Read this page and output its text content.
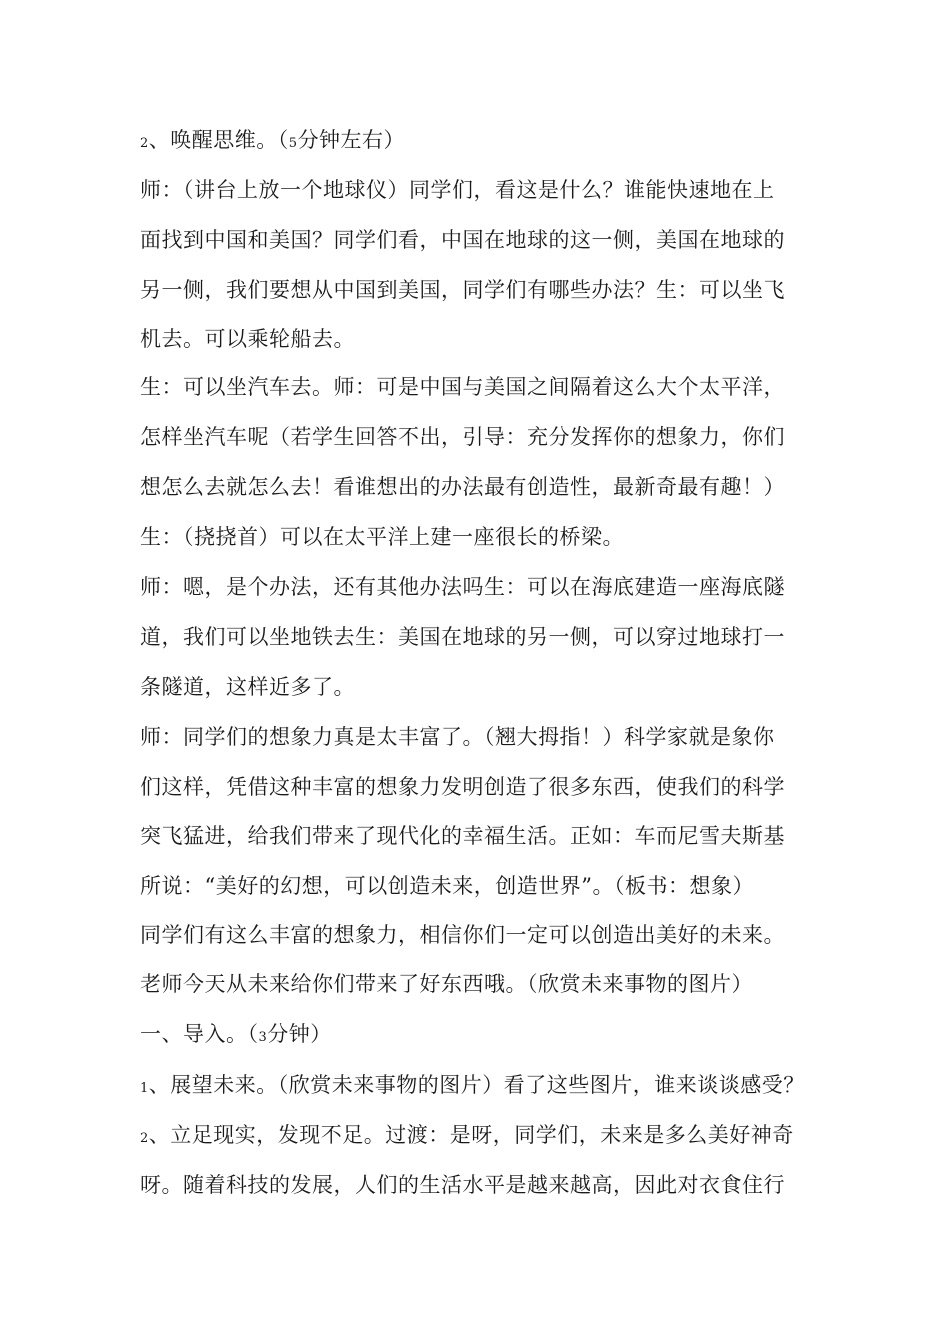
2、唤醒思维。（5分钟左右）
师：（讲台上放一个地球仪）同学们，看这是什么？谁能快速地在上
面找到中国和美国？同学们看，中国在地球的这一侧，美国在地球的
另一侧，我们要想从中国到美国，同学们有哪些办法？生：可以坐飞
机去。可以乘轮船去。
生：可以坐汽车去。师：可是中国与美国之间隔着这么大个太平洋，
怎样坐汽车呢（若学生回答不出，引导：充分发挥你的想象力，你们
想怎么去就怎么去！看谁想出的办法最有创造性，最新奇最有趣！）
生：（挠挠首）可以在太平洋上建一座很长的桥梁。
师：嗯，是个办法，还有其他办法吗生：可以在海底建造一座海底隧
道，我们可以坐地铁去生：美国在地球的另一侧，可以穿过地球打一
条隧道，这样近多了。
师：同学们的想象力真是太丰富了。（翘大拇指！）科学家就是象你
们这样，凭借这种丰富的想象力发明创造了很多东西，使我们的科学
突飞猛进，给我们带来了现代化的幸福生活。正如：车而尼雪夫斯基
所说：“美好的幻想，可以创造未来，创造世界”。（板书：想象）
同学们有这么丰富的想象力，相信你们一定可以创造出美好的未来。
老师今天从未来给你们带来了好东西哦。（欣赏未来事物的图片）
一、导入。（3分钟）
1、展望未来。（欣赏未来事物的图片）看了这些图片，谁来谈谈感受？
2、立足现实，发现不足。过渡：是呀，同学们，未来是多么美好神奇
呀。随着科技的发展，人们的生活水平是越来越高，因此对衣食住行
